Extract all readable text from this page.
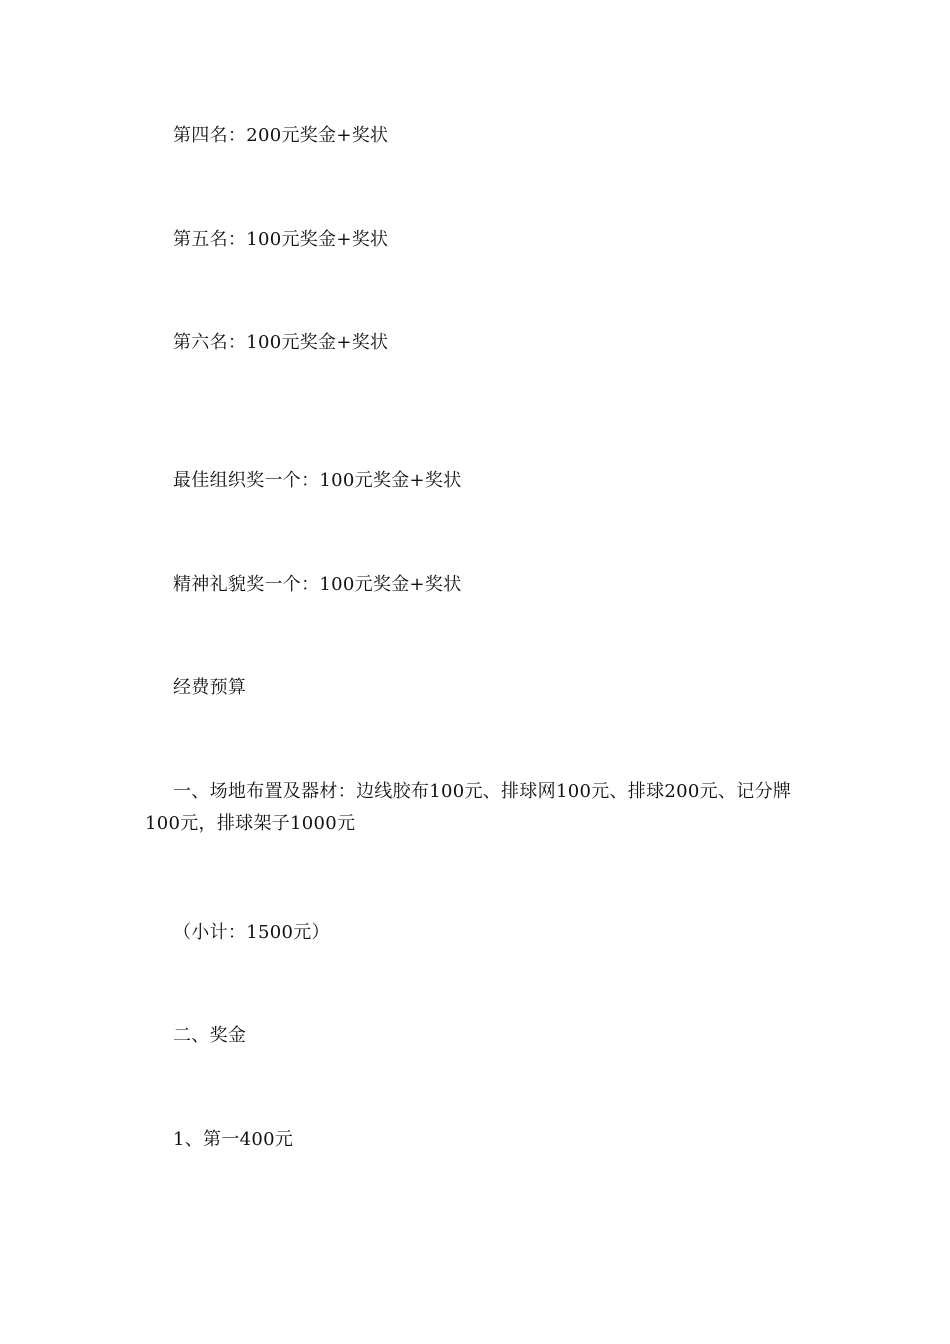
第四名：200元奖金+奖状
第五名：100元奖金+奖状
第六名：100元奖金+奖状
最佳组织奖一个：100元奖金+奖状
精神礼貌奖一个：100元奖金+奖状
经费预算
一、场地布置及器材：边线胶布100元、排球网100元、排球200元、记分牌100元，排球架子1000元
（小计：1500元）
二、奖金
1、第一400元
